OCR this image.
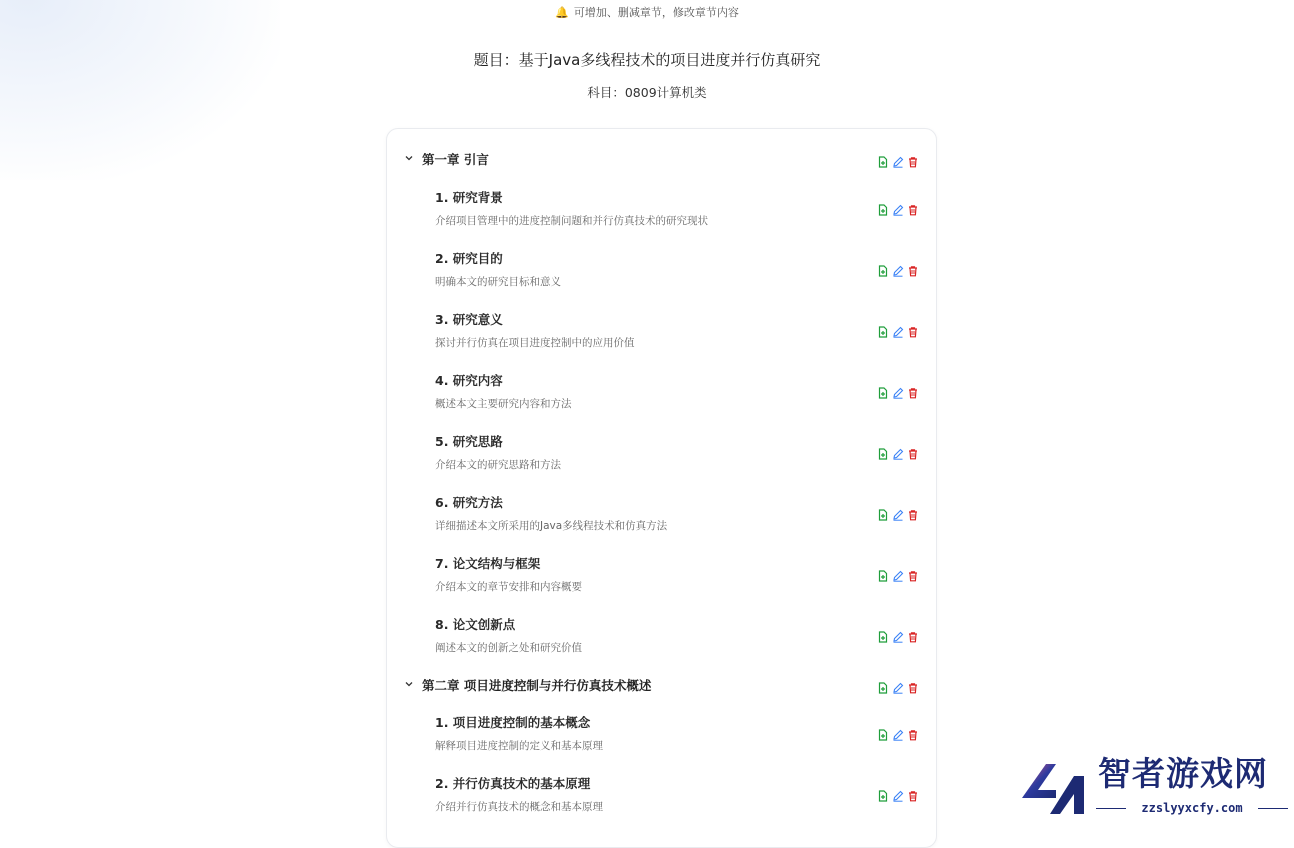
🔔 可增加、删减章节，修改章节内容
题目：基于Java多线程技术的项目进度并行仿真研究
科目：0809计算机类
第一章 引言
1. 研究背景
介绍项目管理中的进度控制问题和并行仿真技术的研究现状
2. 研究目的
明确本文的研究目标和意义
3. 研究意义
探讨并行仿真在项目进度控制中的应用价值
4. 研究内容
概述本文主要研究内容和方法
5. 研究思路
介绍本文的研究思路和方法
6. 研究方法
详细描述本文所采用的Java多线程技术和仿真方法
7. 论文结构与框架
介绍本文的章节安排和内容概要
8. 论文创新点
阐述本文的创新之处和研究价值
第二章 项目进度控制与并行仿真技术概述
1. 项目进度控制的基本概念
解释项目进度控制的定义和基本原理
2. 并行仿真技术的基本原理
介绍并行仿真技术的概念和基本原理
智者游戏网
zzslyyxcfy.com
